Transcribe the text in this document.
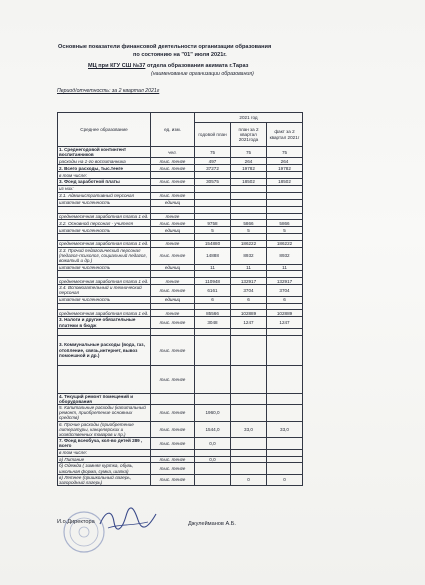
Основные показатели финансовой деятельности организации образования
по состоянию на "01" июля 2021г.
МЦ при КГУ СШ №37 отдела образования акимата г.Тараз
(наименование организации образования)
Период/отчетность: за 2 квартал 2021г
Среднее образование	ед. изм.	2021 год		
		годовой план	план за 2 квартал 2021года	факт за 2 квартал 2021г
1. Среднегодовой контингент воспитанников	чел.	75	75	75
расходы на 1-го воспитанника	тыс. тенге	497	264	264
2. Всего расходы, тыс.тенге	тыс. тенге	37272	19782	19782
в том числе:				
3. Фонд заработной платы	тыс. тенге	30575	18502	18502
из них:				
3.1. Административный персонал	тыс. тенге			
штатная численность	единиц			

среднемесячная заработная плата 1 ед.	тенге			
3.2. Основной персонал - учителя	тыс. тенге	9758	5866	5866
штатная численность	единиц	5	5	5

среднемесячная заработная плата 1 ед.	тенге	154880	186222	186222
3.3. Прочий педагогический персонал (педагог-психолог, социальный педагог, вожатый и др.)	тыс. тенге	14888	8932	8932
штатная численность	единиц	11	11	11

среднемесячная заработная плата 1 ед.	тенге	110948	132917	132917
3.4. Вспомогательный и технический персонал	тыс. тенге	6161	3704	3704
штатная численность	единиц	6	6	6

среднемесячная заработная плата 1 ед.	тенге	85566	102889	102889
3. Налоги и другие обязательные платежи в бюдж	тыс. тенге	3048	1247	1247

3. Коммунальные расходы (вода, газ, отопление, связь,интернет, вывоз помоешной и др.)	тыс. тенге			
	тыс. тенге			
4. Текущий ремонт помещений и оборудования				
5. Капитальные расходы (капитальный ремонт, приобретение основных средств)	тыс. тенге	1960,0		
6. Прочие расходы (приобретение литературы, канцелярских и хозяйственных товаров и пр.)	тыс. тенге	1544,0	33,0	33,0
7. Фонд всеобуча, кол-во детей 289 , всего	тыс. тенге	0,0		
в том числе:				
а) Питание	тыс. тенге	0,0		
б) Одежда ( зимняя куртка, обувь, школьная форма, сумка, шапка)	тыс. тенге			
в) Летнее (пришкольный лагерь, загородный лагерь)	тыс. тенге		0	0
И.о.Директора	Джулейманов А.Б.
